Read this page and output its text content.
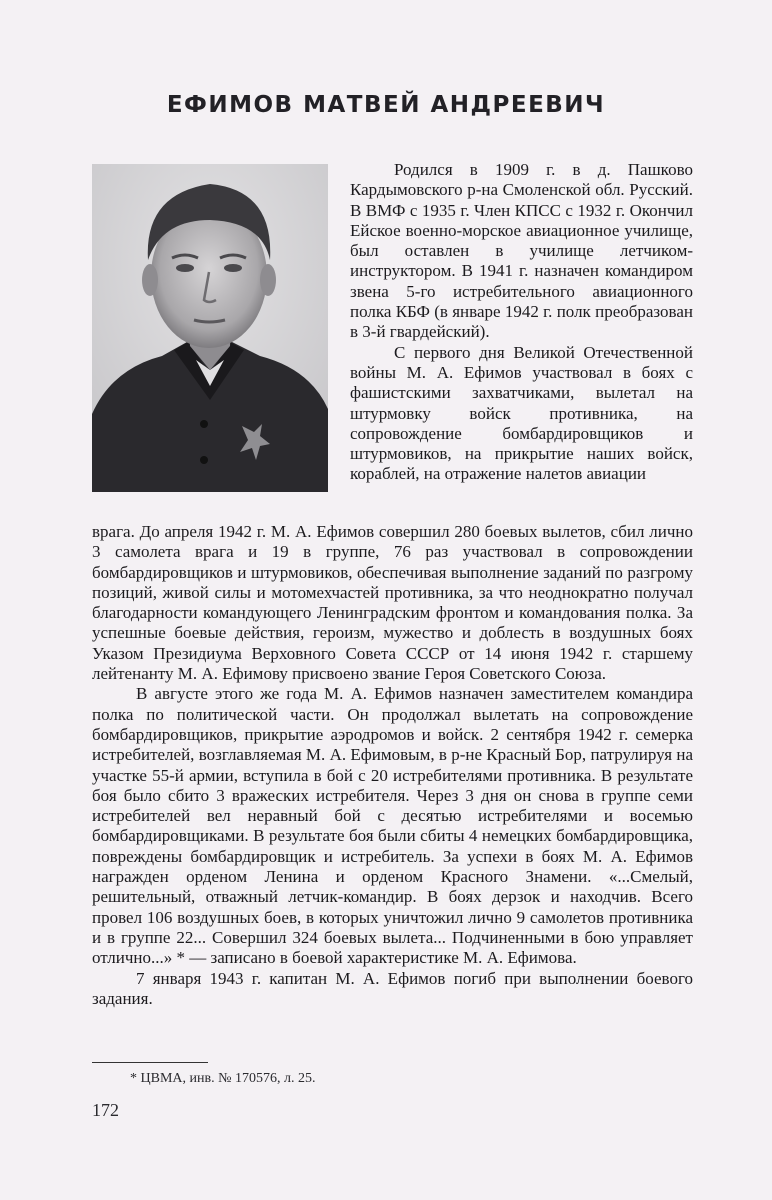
ЕФИМОВ МАТВЕЙ АНДРЕЕВИЧ

Родился в 1909 г. в д. Пашково Кардымовского р-на Смоленской обл. Русский. В ВМФ с 1935 г. Член КПСС с 1932 г. Окончил Ейское военно-морское авиационное училище, был оставлен в училище летчиком-инструктором. В 1941 г. назначен командиром звена 5-го истребительного авиационного полка КБФ (в январе 1942 г. полк преобразован в 3-й гвардейский).

С первого дня Великой Отечественной войны М. А. Ефимов участвовал в боях с фашистскими захватчиками, вылетал на штурмовку войск противника, на сопровождение бомбардировщиков и штурмовиков, на прикрытие наших войск, кораблей, на отражение налетов авиации

врага. До апреля 1942 г. М. А. Ефимов совершил 280 боевых вылетов, сбил лично 3 самолета врага и 19 в группе, 76 раз участвовал в сопровождении бомбардировщиков и штурмовиков, обеспечивая выполнение заданий по разгрому позиций, живой силы и мотомехчастей противника, за что неоднократно получал благодарности командующего Ленинградским фронтом и командования полка. За успешные боевые действия, героизм, мужество и доблесть в воздушных боях Указом Президиума Верховного Совета СССР от 14 июня 1942 г. старшему лейтенанту М. А. Ефимову присвоено звание Героя Советского Союза.

В августе этого же года М. А. Ефимов назначен заместителем командира полка по политической части. Он продолжал вылетать на сопровождение бомбардировщиков, прикрытие аэродромов и войск. 2 сентября 1942 г. семерка истребителей, возглавляемая М. А. Ефимовым, в р-не Красный Бор, патрулируя на участке 55-й армии, вступила в бой с 20 истребителями противника. В результате боя было сбито 3 вражеских истребителя. Через 3 дня он снова в группе семи истребителей вел неравный бой с десятью истребителями и восемью бомбардировщиками. В результате боя были сбиты 4 немецких бомбардировщика, повреждены бомбардировщик и истребитель. За успехи в боях М. А. Ефимов награжден орденом Ленина и орденом Красного Знамени. «...Смелый, решительный, отважный летчик-командир. В боях дерзок и находчив. Всего провел 106 воздушных боев, в которых уничтожил лично 9 самолетов противника и в группе 22... Совершил 324 боевых вылета... Подчиненными в бою управляет отлично...» * — записано в боевой характеристике М. А. Ефимова.

7 января 1943 г. капитан М. А. Ефимов погиб при выполнении боевого задания.

* ЦВМА, инв. № 170576, л. 25.
172
